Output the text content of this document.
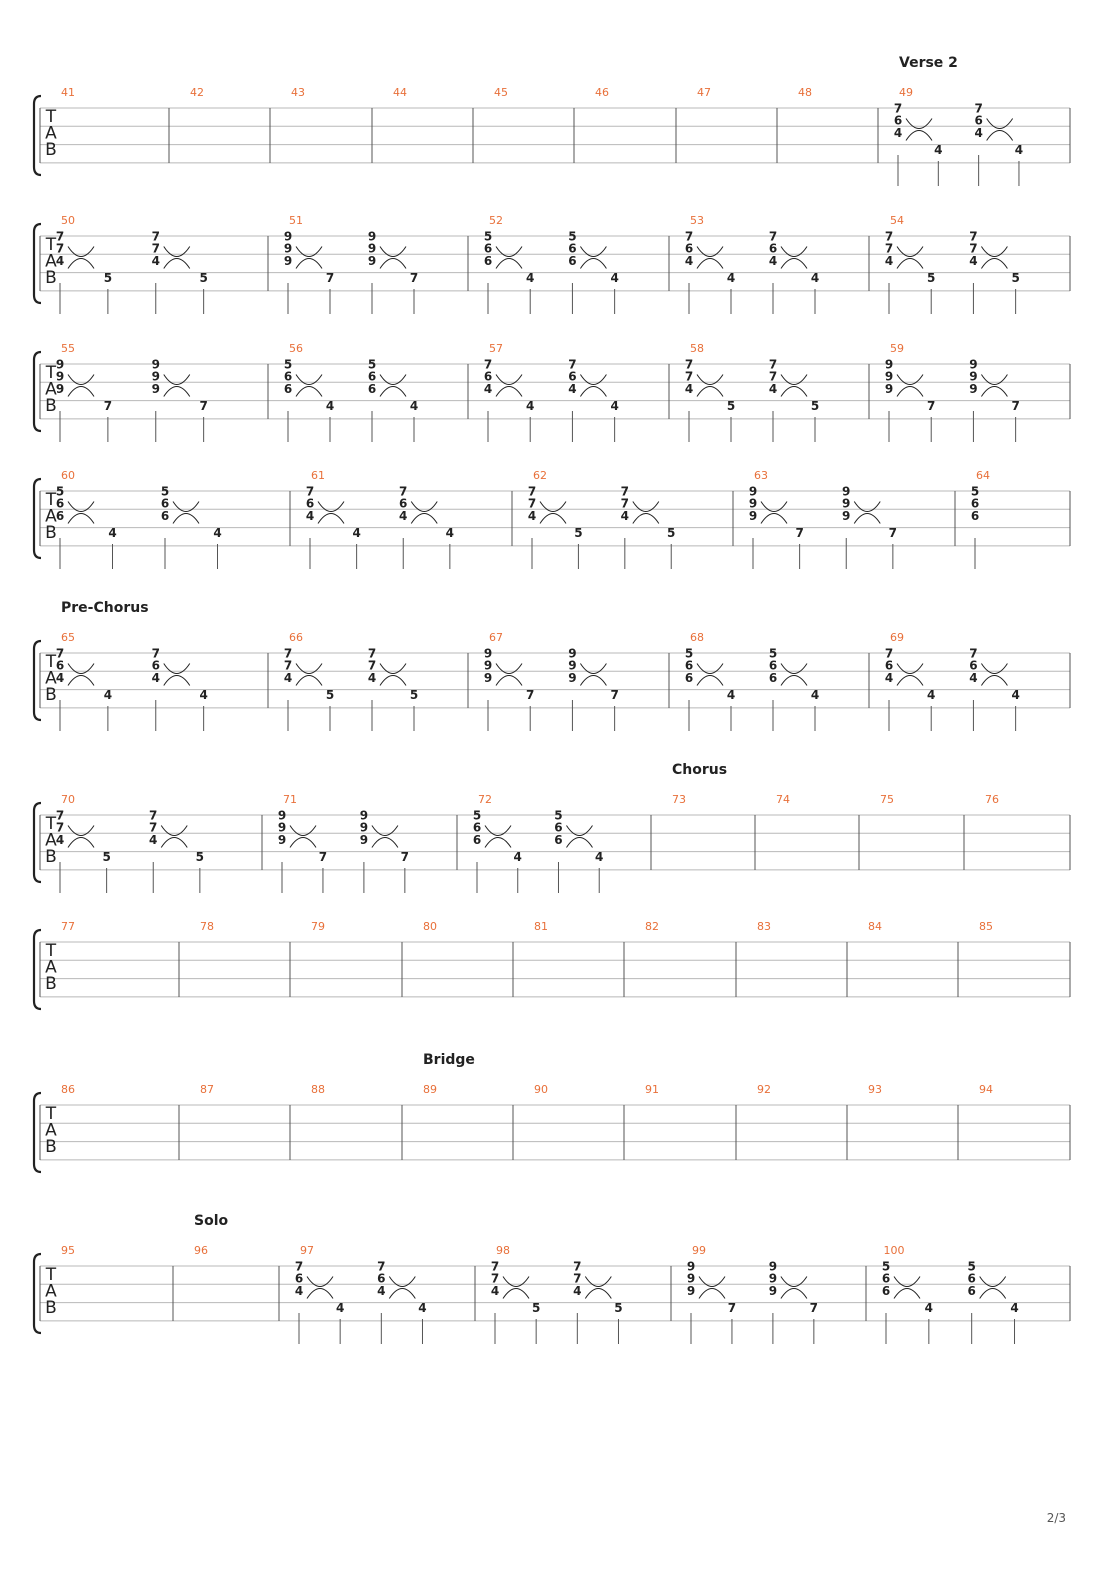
T
A
B
41	42	43	44	45	46	47	48	49
Verse 2
7
6
4
4
7
6
4
4
T
A
B
50
7
7
4
5
7
7
4
5
51
9
9
9
7
9
9
9
7
52
5
6
6
4
5
6
6
4
53
7
6
4
4
7
6
4
4
54
7
7
4
5
7
7
4
5
T
A
B
55
9
9
9
7
9
9
9
7
56
5
6
6
4
5
6
6
4
57
7
6
4
4
7
6
4
4
58
7
7
4
5
7
7
4
5
59
9
9
9
7
9
9
9
7
T
A
B
60
5
6
6
4
5
6
6
4
61
7
6
4
4
7
6
4
4
62
7
7
4
5
7
7
4
5
63
9
9
9
7
9
9
9
7
64
5
6
6
T
A
B
65
Pre-Chorus
7
6
4
4
7
6
4
4
66
7
7
4
5
7
7
4
5
67
9
9
9
7
9
9
9
7
68
5
6
6
4
5
6
6
4
69
7
6
4
4
7
6
4
4
T
A
B
70
7
7
4
5
7
7
4
5
71
9
9
9
7
9
9
9
7
72
5
6
6
4
5
6
6
4
73
Chorus
74	75	76
T
A
B
77	78	79	80	81	82	83	84	85
T
A
B
86	87	88	89
Bridge
90	91	92	93	94
T
A
B
95	96
Solo
97
7
6
4
4
7
6
4
4
98
7
7
4
5
7
7
4
5
99
9
9
9
7
9
9
9
7
100
5
6
6
4
5
6
6
4
2/3
